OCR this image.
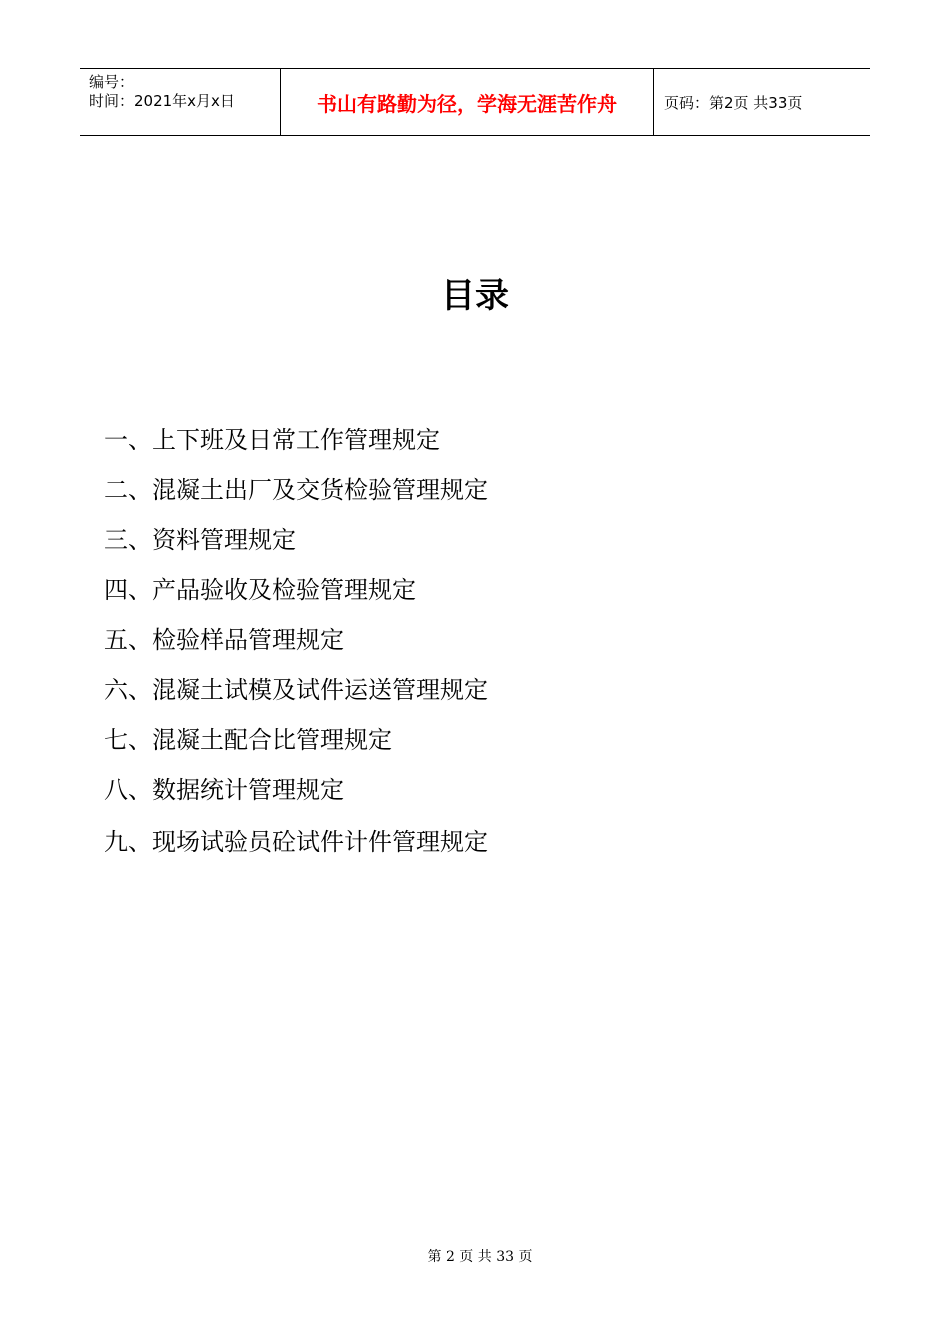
编号：
时间：2021年x月x日	书山有路勤为径，学海无涯苦作舟	页码：第2页 共33页
目录
一、上下班及日常工作管理规定
二、混凝土出厂及交货检验管理规定
三、资料管理规定
四、产品验收及检验管理规定
五、检验样品管理规定
六、混凝土试模及试件运送管理规定
七、混凝土配合比管理规定
八、数据统计管理规定
九、现场试验员砼试件计件管理规定
第 2 页 共 33 页
